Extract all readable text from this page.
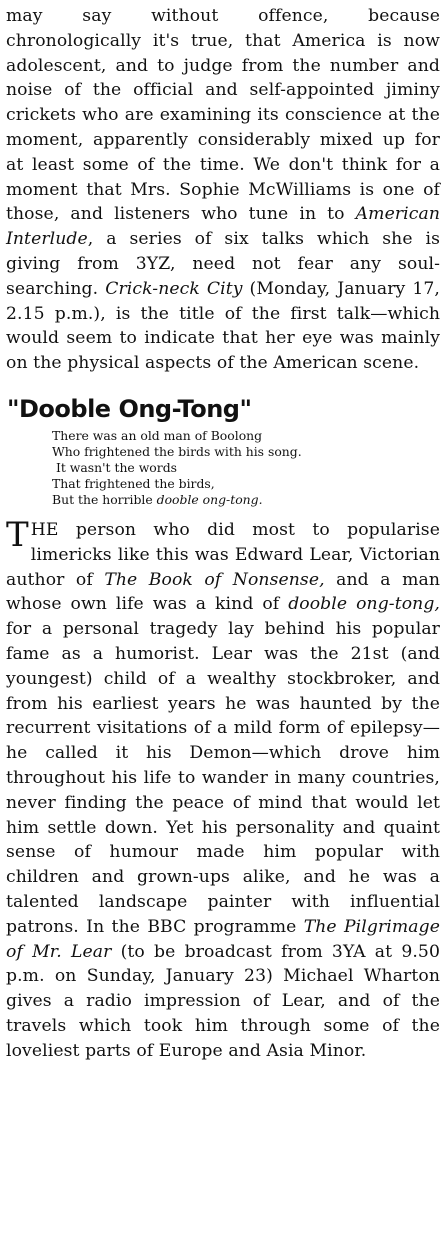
may say without offence, because chronologically it's true, that America is now adolescent, and to judge from the number and noise of the official and self-appointed jiminy crickets who are examining its conscience at the moment, apparently considerably mixed up for at least some of the time. We don't think for a moment that Mrs. Sophie McWilliams is one of those, and listeners who tune in to American Interlude, a series of six talks which she is giving from 3YZ, need not fear any soul-searching. Crick-neck City (Monday, January 17, 2.15 p.m.), is the title of the first talk—which would seem to indicate that her eye was mainly on the physical aspects of the American scene.

"Dooble Ong-Tong"
There was an old man of Boolong
Who frightened the birds with his song.
It wasn't the words
That frightened the birds,
But the horrible dooble ong-tong.

THE person who did most to popularise limericks like this was Edward Lear, Victorian author of The Book of Nonsense, and a man whose own life was a kind of dooble ong-tong, for a personal tragedy lay behind his popular fame as a humorist. Lear was the 21st (and youngest) child of a wealthy stockbroker, and from his earliest years he was haunted by the recurrent visitations of a mild form of epilepsy—he called it his Demon—which drove him throughout his life to wander in many countries, never finding the peace of mind that would let him settle down. Yet his personality and quaint sense of humour made him popular with children and grown-ups alike, and he was a talented landscape painter with influential patrons. In the BBC programme The Pilgrimage of Mr. Lear (to be broadcast from 3YA at 9.50 p.m. on Sunday, January 23) Michael Wharton gives a radio impression of Lear, and of the travels which took him through some of the loveliest parts of Europe and Asia Minor.
